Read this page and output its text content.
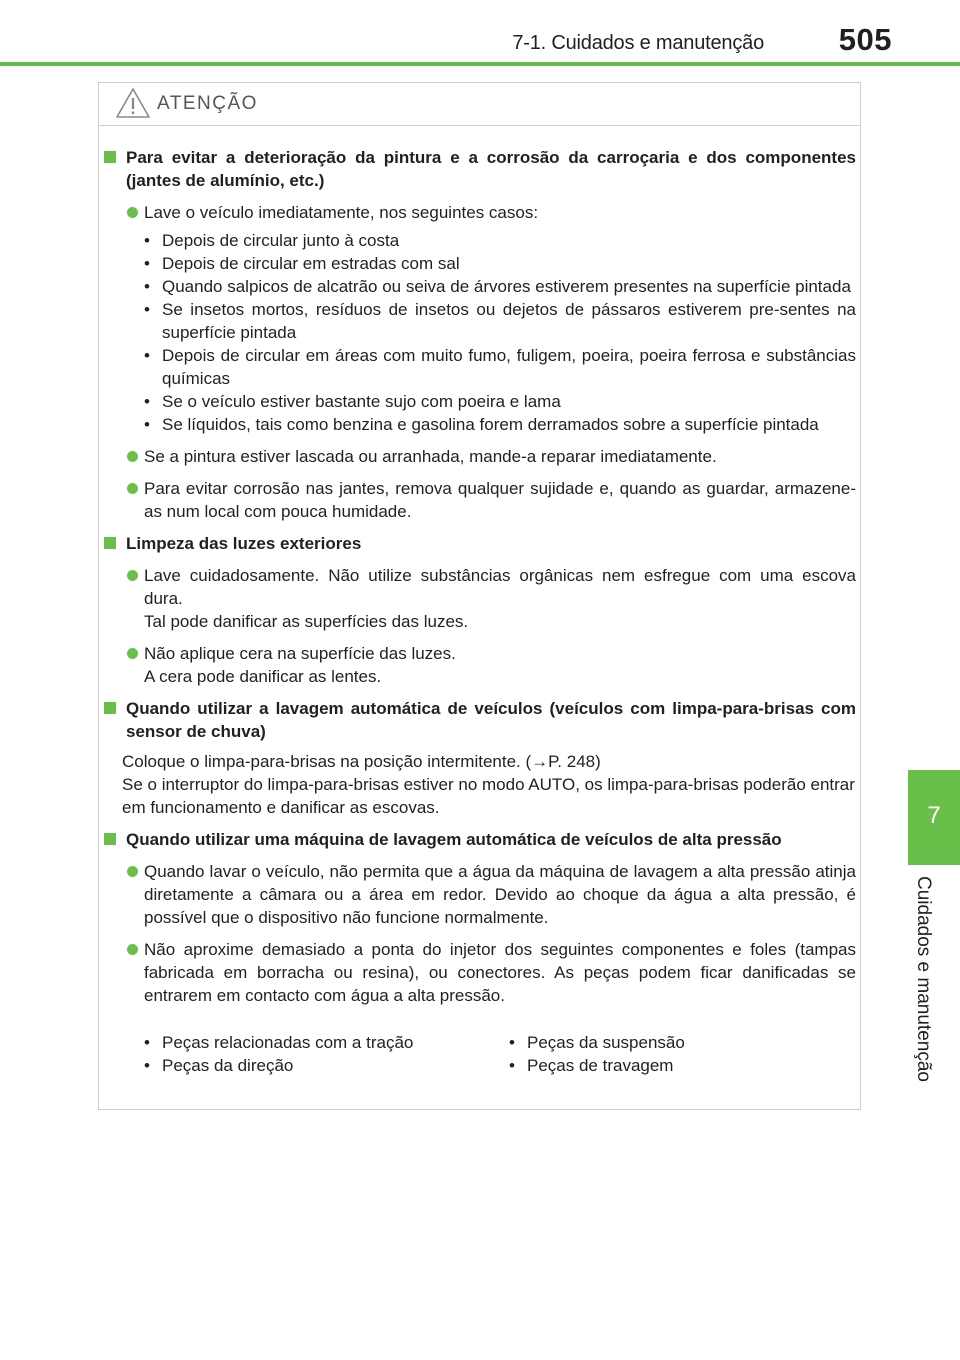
7-1. Cuidados e manutenção 505
7
Cuidados e manutenção
ATENÇÃO
Para evitar a deterioração da pintura e a corrosão da carroçaria e dos componentes (jantes de alumínio, etc.)
Lave o veículo imediatamente, nos seguintes casos:
• Depois de circular junto à costa
• Depois de circular em estradas com sal
• Quando salpicos de alcatrão ou seiva de árvores estiverem presentes na superfície pintada
• Se insetos mortos, resíduos de insetos ou dejetos de pássaros estiverem pre-sentes na superfície pintada
• Depois de circular em áreas com muito fumo, fuligem, poeira, poeira ferrosa e substâncias químicas
• Se o veículo estiver bastante sujo com poeira e lama
• Se líquidos, tais como benzina e gasolina forem derramados sobre a superfície pintada
Se a pintura estiver lascada ou arranhada, mande-a reparar imediatamente.
Para evitar corrosão nas jantes, remova qualquer sujidade e, quando as guardar, armazene-as num local com pouca humidade.
Limpeza das luzes exteriores
Lave cuidadosamente. Não utilize substâncias orgânicas nem esfregue com uma escova dura.
Tal pode danificar as superfícies das luzes.
Não aplique cera na superfície das luzes.
A cera pode danificar as lentes.
Quando utilizar a lavagem automática de veículos (veículos com limpa-para-brisas com sensor de chuva)
Coloque o limpa-para-brisas na posição intermitente. (→P. 248)
Se o interruptor do limpa-para-brisas estiver no modo AUTO, os limpa-para-brisas poderão entrar em funcionamento e danificar as escovas.
Quando utilizar uma máquina de lavagem automática de veículos de alta pressão
Quando lavar o veículo, não permita que a água da máquina de lavagem a alta pressão atinja diretamente a câmara ou a área em redor. Devido ao choque da água a alta pressão, é possível que o dispositivo não funcione normalmente.
Não aproxime demasiado a ponta do injetor dos seguintes componentes e foles (tampas fabricada em borracha ou resina), ou conectores. As peças podem ficar danificadas se entrarem em contacto com água a alta pressão.
• Peças relacionadas com a tração
• Peças da direção
• Peças da suspensão
• Peças de travagem
